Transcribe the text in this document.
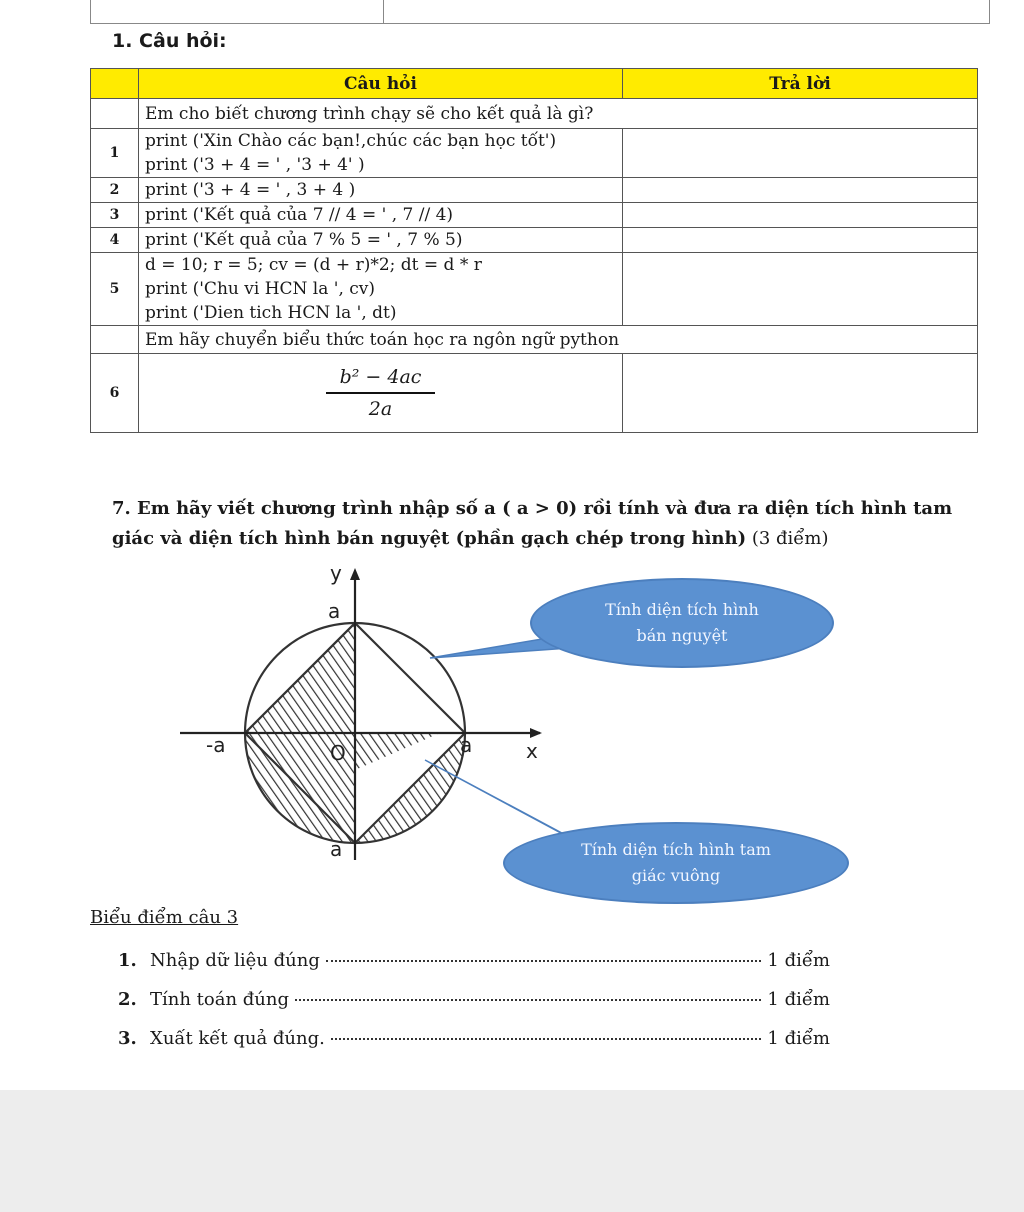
1. Câu hỏi:
	Câu hỏi	Trả lời
	Em cho biết chương trình chạy sẽ cho kết quả là gì?	
1	print ('Xin Chào các bạn!,chúc các bạn học tốt')
print ('3 + 4 = ' , '3 + 4' )	

2	print ('3 + 4 = ' , 3 + 4 )	

3	print ('Kết quả của 7 // 4 = ' , 7 // 4)	

4	print ('Kết quả của 7 % 5 = ' , 7 % 5)	

5	d = 10; r = 5; cv = (d + r)*2; dt = d * r
print ('Chu vi HCN la ', cv)
print ('Dien tich HCN la ', dt)	

	Em hãy chuyển biểu thức toán học ra ngôn ngữ python	
6	$\frac{\text{b² − 4ac}}{2a}$

7. Em hãy viết chương trình nhập số a ( a > 0) rồi tính và đưa ra diện tích hình tam giác và diện tích hình bán nguyệt (phần gạch chép trong hình) (3 điểm)
y
x
a
a
-a	a
O
Tính diện tích hình
bán nguyệt
Tính diện tích hình tam
giác vuông
Biểu điểm câu 3
1. Nhập dữ liệu đúng	1 điểm
2. Tính toán đúng	1 điểm
3. Xuất kết quả đúng.	1 điểm
